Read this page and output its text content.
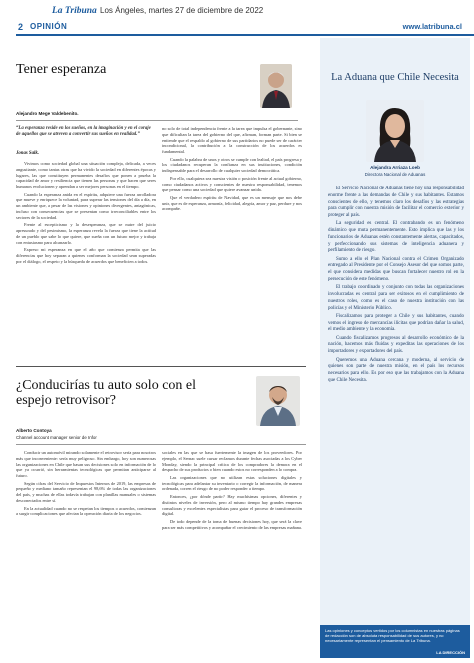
La Tribuna Los Ángeles, martes 27 de diciembre de 2022
2 OPINIÓN	www.latribuna.cl
Tener esperanza
Alejandro Mege Valdebenito.
“La esperanza reside en los sueños, en la imaginación y en el coraje de aquellos que se atreven a convertir sus sueños en realidad.”
Jonas Salk.

Vivimos como sociedad global una situación compleja, delicada, a veces angustiante, como tantas otras que ha vivido la sociedad en diferentes épocas y lugares, las que constituyen permanentes desafíos que ponen a prueba la capacidad de amor y resiliencia que tienen las personas y que hacen que seres humanos evolucionen y aprendan a ser mejores personas en el tiempo.

Cuando la esperanza anida en el espíritu, adquiere una fuerza arrolladora que mueve y enriquece la voluntad, para superar las tensiones del día a día, en un ambiente que, a pesar de las visiones y opiniones divergentes, antagónicas, incluso con consecuencias que se presentan como irreconciliables entre los sectores de la sociedad.

Frente al escepticismo y la desesperanza, que se nutre del juicio apresurado y del pesimismo, la esperanza revela la fuerza que tiene la actitud de un pueblo que sabe lo que quiere, que sueña con un futuro mejor y trabaja con entusiasmo para alcanzarlo.

Expreso mi esperanza en que el año que comienza permita que las diferencias que hoy separan a quienes conforman la sociedad sean superadas por el diálogo, el respeto y la búsqueda de acuerdos que beneficien a todos.

no solo de total independencia frente a la tarea que impulsa el gobernante, sino que dificultan la tarea del gobierno del que, afirman, forman parte. Si bien se entiende que el respaldo al gobierno de sus partidarios no puede ser de carácter incondicional, la contribución a la construcción de los acuerdos es fundamental.

Cuando la palabra de unos y otros se cumple con lealtad, el país progresa y los ciudadanos recuperan la confianza en sus instituciones, condición indispensable para el desarrollo de cualquier sociedad democrática.

Por ello, cualquiera sea nuestra visión o posición frente al actual gobierno, como ciudadanos activos y conscientes de nuestra responsabilidad, tenemos que pensar como una sociedad que quiere avanzar unida.

Que el verdadero espíritu de Navidad, que es un mensaje que nos debe unir, que es de esperanza, armonía, felicidad, alegría, amor y paz, perdure y nos acompañe.

¿Conducirías tu auto solo con el espejo retrovisor?
Alberto Contoya
Channel account manager senior de Infor

Conducir un automóvil mirando solamente el retrovisor sería para nosotros más que inconveniente: sería muy peligroso. Sin embargo, hoy son numerosas las organizaciones en Chile que basan sus decisiones solo en información de lo que ya ocurrió, sin herramientas tecnológicas que permitan anticiparse al futuro.

Según cifras del Servicio de Impuestos Internos de 2019, las empresas de pequeño y mediano tamaño representan el 98,6% de todas las organizaciones del país, y muchas de ellas todavía trabajan con planillas manuales o sistemas desconectados entre sí.

En la actualidad cuando no se respetan los tiempos o acuerdos, comienzan a surgir complicaciones que afectan la operación diaria de los negocios.

sociales en las que se basa fuertemente la imagen de los proveedores. Por ejemplo, el Sernac suele cursar reclamos durante fechas asociadas a los Cyber Monday, siendo la principal crítica de los compradores la demora en el despacho de sus productos o bien cuando estos no corresponden a lo compra.

Las organizaciones que no utilizan estas soluciones digitales y tecnológicas para adelantar su inventario o corregir la información, de manera ordenada, corren el riesgo de no poder responder a tiempo.

Entonces, ¿por dónde partir? Hay muchísimas opciones, diferentes y distintos niveles de inversión, pero al mismo tiempo hay grandes empresas consultoras y excelentes especialistas para guiar el proceso de transformación digital.

De todo depende de la toma de buenas decisiones hoy, que será la clave para ser más competitivos y acompañar el crecimiento de las empresas mañana.

La Aduana que Chile Necesita
Alejandra Arriaza Loeb
Directora Nacional de Aduanas

El Servicio Nacional de Aduanas tiene hoy una responsabilidad enorme frente a las demandas de Chile y sus habitantes. Estamos conscientes de ello, y tenemos claro los desafíos y las estrategias para cumplir con nuestra misión de facilitar el comercio exterior y proteger al país.

La seguridad es central. El contrabando es un fenómeno dinámico que muta permanentemente. Esto implica que las y los funcionarios de Aduanas estén constantemente alertas, capacitados, y perfeccionando sus sistemas de inteligencia aduanera y perfilamiento de riesgo.

Sumo a ello el Plan Nacional contra el Crimen Organizado entregado al Presidente por el Consejo Asesor del que somos parte, el que considera medidas que buscan fortalecer nuestro rol en la persecución de este fenómeno.

El trabajo coordinado y conjunto con todas las organizaciones involucradas es central para ser exitosos en el cumplimiento de nuestros roles, como es el caso de nuestra institución con las policías y el Ministerio Público.

Fiscalizamos para proteger a Chile y sus habitantes, cuando vemos el ingreso de mercancías ilícitas que podrían dañar la salud, el medio ambiente y la economía.

Cuando fiscalizamos progresos al desarrollo económico de la nación, hacemos más fluidas y expeditas las operaciones de los importadores y exportadores del país.

Queremos una Aduana cercana y moderna, al servicio de quienes son parte de nuestra misión, en el país los recursos necesarios para ello. Es por eso que las trabajamos con la Aduana que Chile Necesita.

Las opiniones y conceptos vertidos por los columnistas en nuestras páginas de redacción son de absoluta responsabilidad de sus autores, y no necesariamente representan el pensamiento de La Tribuna.
LA DIRECCIÓN
